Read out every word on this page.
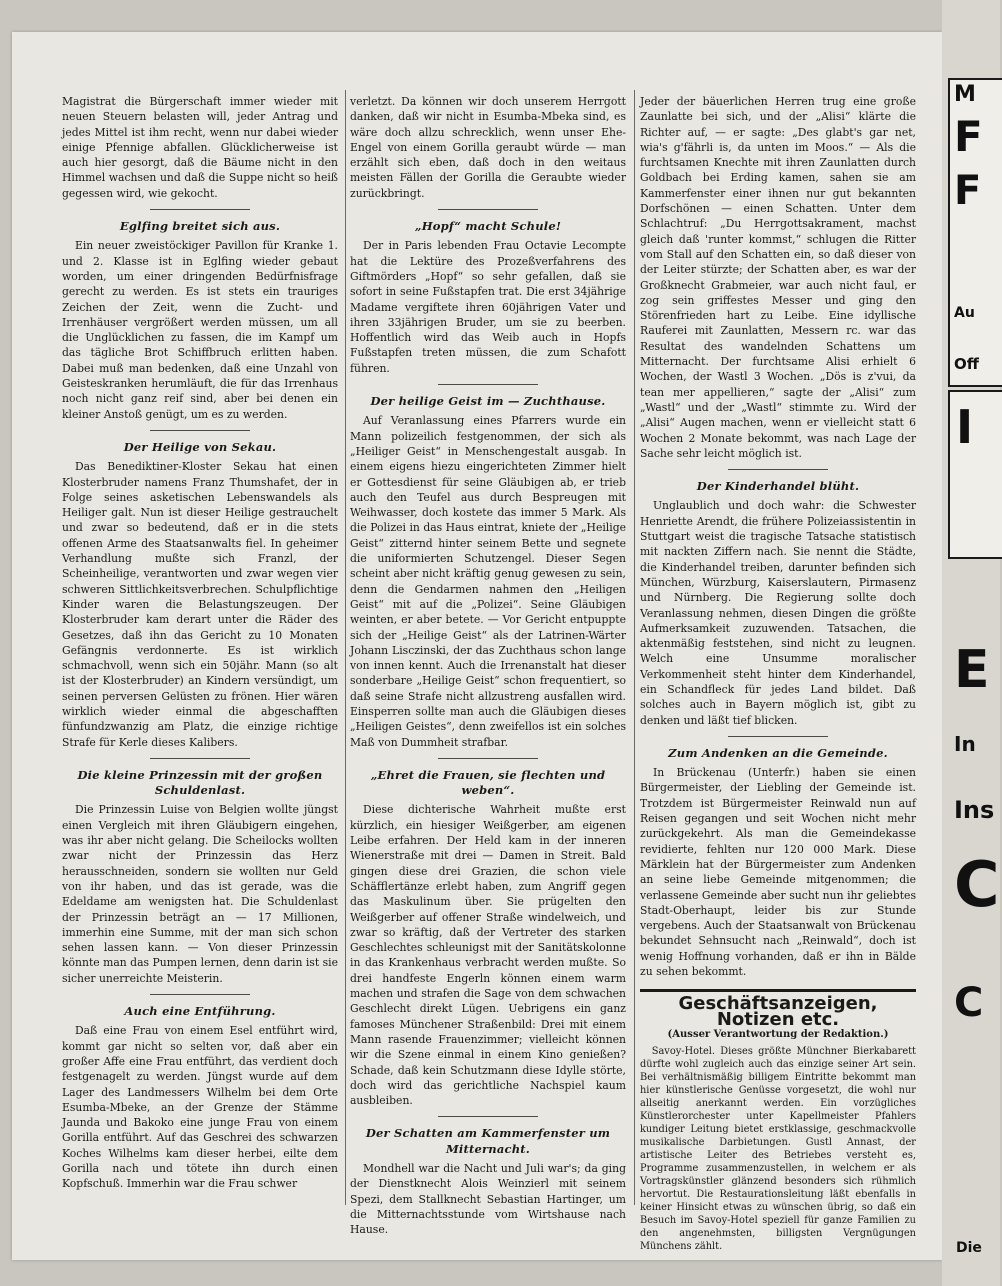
Magistrat die Bürgerschaft immer wieder mit neuen Steuern belasten will, jeder Antrag und jedes Mittel ist ihm recht, wenn nur dabei wieder einige Pfennige abfallen. Glücklicherweise ist auch hier gesorgt, daß die Bäume nicht in den Himmel wachsen und daß die Suppe nicht so heiß gegessen wird, wie gekocht.

Eglfing breitet sich aus.

Ein neuer zweistöckiger Pavillon für Kranke 1. und 2. Klasse ist in Eglfing wieder gebaut worden, um einer dringenden Bedürfnisfrage gerecht zu werden. Es ist stets ein trauriges Zeichen der Zeit, wenn die Zucht- und Irrenhäuser vergrößert werden müssen, um all die Unglücklichen zu fassen, die im Kampf um das tägliche Brot Schiffbruch erlitten haben. Dabei muß man bedenken, daß eine Unzahl von Geisteskranken herumläuft, die für das Irrenhaus noch nicht ganz reif sind, aber bei denen ein kleiner Anstoß genügt, um es zu werden.

Der Heilige von Sekau.

Das Benediktiner-Kloster Sekau hat einen Klosterbruder namens Franz Thumshafet, der in Folge seines asketischen Lebenswandels als Heiliger galt. Nun ist dieser Heilige gestrauchelt und zwar so bedeutend, daß er in die stets offenen Arme des Staatsanwalts fiel. In geheimer Verhandlung mußte sich Franzl, der Scheinheilige, verantworten und zwar wegen vier schweren Sittlichkeitsverbrechen. Schulpflichtige Kinder waren die Belastungszeugen. Der Klosterbruder kam derart unter die Räder des Gesetzes, daß ihn das Gericht zu 10 Monaten Gefängnis verdonnerte. Es ist wirklich schmachvoll, wenn sich ein 50jähr. Mann (so alt ist der Klosterbruder) an Kindern versündigt, um seinen perversen Gelüsten zu frönen. Hier wären wirklich wieder einmal die abgeschafften fünfundzwanzig am Platz, die einzige richtige Strafe für Kerle dieses Kalibers.

Die kleine Prinzessin mit der großen Schuldenlast.

Die Prinzessin Luise von Belgien wollte jüngst einen Vergleich mit ihren Gläubigern eingehen, was ihr aber nicht gelang. Die Scheilocks wollten zwar nicht der Prinzessin das Herz herausschneiden, sondern sie wollten nur Geld von ihr haben, und das ist gerade, was die Edeldame am wenigsten hat. Die Schuldenlast der Prinzessin beträgt an — 17 Millionen, immerhin eine Summe, mit der man sich schon sehen lassen kann. — Von dieser Prinzessin könnte man das Pumpen lernen, denn darin ist sie sicher unerreichte Meisterin.

Auch eine Entführung.

Daß eine Frau von einem Esel entführt wird, kommt gar nicht so selten vor, daß aber ein großer Affe eine Frau entführt, das verdient doch festgenagelt zu werden. Jüngst wurde auf dem Lager des Landmessers Wilhelm bei dem Orte Esumba-Mbeke, an der Grenze der Stämme Jaunda und Bakoko eine junge Frau von einem Gorilla entführt. Auf das Geschrei des schwarzen Koches Wilhelms kam dieser herbei, eilte dem Gorilla nach und tötete ihn durch einen Kopfschuß. Immerhin war die Frau schwer

verletzt. Da können wir doch unserem Herrgott danken, daß wir nicht in Esumba-Mbeka sind, es wäre doch allzu schrecklich, wenn unser Ehe-Engel von einem Gorilla geraubt würde — man erzählt sich eben, daß doch in den weitaus meisten Fällen der Gorilla die Geraubte wieder zurückbringt.

„Hopf“ macht Schule!

Der in Paris lebenden Frau Octavie Lecompte hat die Lektüre des Prozeßverfahrens des Giftmörders „Hopf“ so sehr gefallen, daß sie sofort in seine Fußstapfen trat. Die erst 34jährige Madame vergiftete ihren 60jährigen Vater und ihren 33jährigen Bruder, um sie zu beerben. Hoffentlich wird das Weib auch in Hopfs Fußstapfen treten müssen, die zum Schafott führen.

Der heilige Geist im — Zuchthause.

Auf Veranlassung eines Pfarrers wurde ein Mann polizeilich festgenommen, der sich als „Heiliger Geist“ in Menschengestalt ausgab. In einem eigens hiezu eingerichteten Zimmer hielt er Gottesdienst für seine Gläubigen ab, er trieb auch den Teufel aus durch Bespreugen mit Weihwasser, doch kostete das immer 5 Mark. Als die Polizei in das Haus eintrat, kniete der „Heilige Geist“ zitternd hinter seinem Bette und segnete die uniformierten Schutzengel. Dieser Segen scheint aber nicht kräftig genug gewesen zu sein, denn die Gendarmen nahmen den „Heiligen Geist“ mit auf die „Polizei“. Seine Gläubigen weinten, er aber betete. — Vor Gericht entpuppte sich der „Heilige Geist“ als der Latrinen-Wärter Johann Lisczinski, der das Zuchthaus schon lange von innen kennt. Auch die Irrenanstalt hat dieser sonderbare „Heilige Geist“ schon frequentiert, so daß seine Strafe nicht allzustreng ausfallen wird. Einsperren sollte man auch die Gläubigen dieses „Heiligen Geistes“, denn zweifellos ist ein solches Maß von Dummheit strafbar.

„Ehret die Frauen, sie flechten und weben“.

Diese dichterische Wahrheit mußte erst kürzlich, ein hiesiger Weißgerber, am eigenen Leibe erfahren. Der Held kam in der inneren Wienerstraße mit drei — Damen in Streit. Bald gingen diese drei Grazien, die schon viele Schäfflertänze erlebt haben, zum Angriff gegen das Maskulinum über. Sie prügelten den Weißgerber auf offener Straße windelweich, und zwar so kräftig, daß der Vertreter des starken Geschlechtes schleunigst mit der Sanitätskolonne in das Krankenhaus verbracht werden mußte. So drei handfeste Engerln können einem warm machen und strafen die Sage von dem schwachen Geschlecht direkt Lügen. Uebrigens ein ganz famoses Münchener Straßenbild: Drei mit einem Mann rasende Frauenzimmer; vielleicht können wir die Szene einmal in einem Kino genießen? Schade, daß kein Schutzmann diese Idylle störte, doch wird das gerichtliche Nachspiel kaum ausbleiben.

Der Schatten am Kammerfenster um Mitternacht.

Mondhell war die Nacht und Juli war's; da ging der Dienstknecht Alois Weinzierl mit seinem Spezi, dem Stallknecht Sebastian Hartinger, um die Mitternachtsstunde vom Wirtshause nach Hause.

Jeder der bäuerlichen Herren trug eine große Zaunlatte bei sich, und der „Alisi“ klärte die Richter auf, — er sagte: „Des glabt's gar net, wia's g'fährli is, da unten im Moos.“ — Als die furchtsamen Knechte mit ihren Zaunlatten durch Goldbach bei Erding kamen, sahen sie am Kammerfenster einer ihnen nur gut bekannten Dorfschönen — einen Schatten. Unter dem Schlachtruf: „Du Herrgottsakrament, machst gleich daß 'runter kommst,“ schlugen die Ritter vom Stall auf den Schatten ein, so daß dieser von der Leiter stürzte; der Schatten aber, es war der Großknecht Grabmeier, war auch nicht faul, er zog sein griffestes Messer und ging den Störenfrieden hart zu Leibe. Eine idyllische Rauferei mit Zaunlatten, Messern rc. war das Resultat des wandelnden Schattens um Mitternacht. Der furchtsame Alisi erhielt 6 Wochen, der Wastl 3 Wochen. „Dös is z'vui, da tean mer appellieren,“ sagte der „Alisi“ zum „Wastl“ und der „Wastl“ stimmte zu. Wird der „Alisi“ Augen machen, wenn er vielleicht statt 6 Wochen 2 Monate bekommt, was nach Lage der Sache sehr leicht möglich ist.

Der Kinderhandel blüht.

Unglaublich und doch wahr: die Schwester Henriette Arendt, die frühere Polizeiassistentin in Stuttgart weist die tragische Tatsache statistisch mit nackten Ziffern nach. Sie nennt die Städte, die Kinderhandel treiben, darunter befinden sich München, Würzburg, Kaiserslautern, Pirmasenz und Nürnberg. Die Regierung sollte doch Veranlassung nehmen, diesen Dingen die größte Aufmerksamkeit zuzuwenden. Tatsachen, die aktenmäßig feststehen, sind nicht zu leugnen. Welch eine Unsumme moralischer Verkommenheit steht hinter dem Kinderhandel, ein Schandfleck für jedes Land bildet. Daß solches auch in Bayern möglich ist, gibt zu denken und läßt tief blicken.

Zum Andenken an die Gemeinde.

In Brückenau (Unterfr.) haben sie einen Bürgermeister, der Liebling der Gemeinde ist. Trotzdem ist Bürgermeister Reinwald nun auf Reisen gegangen und seit Wochen nicht mehr zurückgekehrt. Als man die Gemeindekasse revidierte, fehlten nur 120 000 Mark. Diese Märklein hat der Bürgermeister zum Andenken an seine liebe Gemeinde mitgenommen; die verlassene Gemeinde aber sucht nun ihr geliebtes Stadt-Oberhaupt, leider bis zur Stunde vergebens. Auch der Staatsanwalt von Brückenau bekundet Sehnsucht nach „Reinwald“, doch ist wenig Hoffnung vorhanden, daß er ihn in Bälde zu sehen bekommt.

Geschäftsanzeigen, Notizen etc.
(Ausser Verantwortung der Redaktion.)

Savoy-Hotel. Dieses größte Münchner Bierkabarett dürfte wohl zugleich auch das einzige seiner Art sein. Bei verhältnismäßig billigem Eintritte bekommt man hier künstlerische Genüsse vorgesetzt, die wohl nur allseitig anerkannt werden. Ein vorzügliches Künstlerorchester unter Kapellmeister Pfahlers kundiger Leitung bietet erstklassige, geschmackvolle musikalische Darbietungen. Gustl Annast, der artistische Leiter des Betriebes versteht es, Programme zusammenzustellen, in welchem er als Vortragskünstler glänzend besonders sich rühmlich hervortut. Die Restaurationsleitung läßt ebenfalls in keiner Hinsicht etwas zu wünschen übrig, so daß ein Besuch im Savoy-Hotel speziell für ganze Familien zu den angenehmsten, billigsten Vergnügungen Münchens zählt.

M
F
F
Au
Off
I
E
In
Ins
C
C
Die
